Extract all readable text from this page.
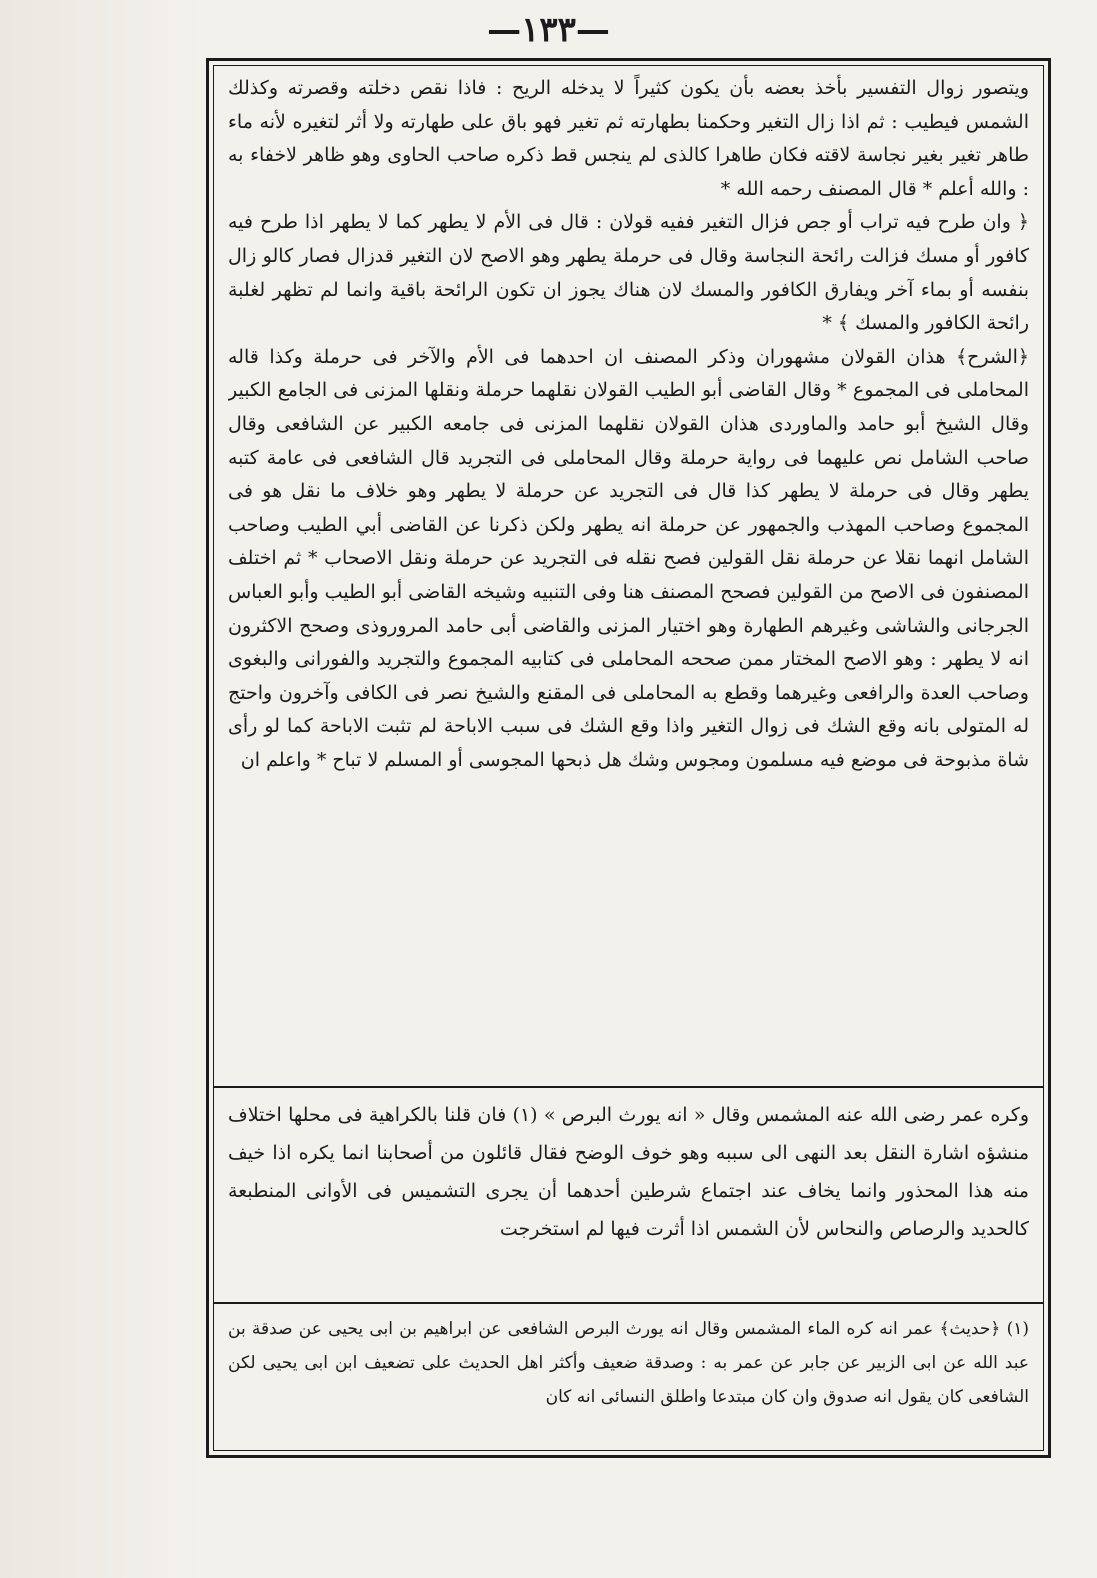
—١٣٣—

ويتصور زوال التفسير بأخذ بعضه بأن يكون كثيراً لا يدخله الريح : فاذا نقص دخلته وقصرته وكذلك الشمس فيطيب : ثم اذا زال التغير وحكمنا بطهارته ثم تغير فهو باق على طهارته ولا أثر لتغيره لأنه ماء طاهر تغير بغير نجاسة لاقته فكان طاهرا كالذى لم ينجس قط ذكره صاحب الحاوى وهو ظاهر لاخفاء به : والله أعلم * قال المصنف رحمه الله *

﴿ وان طرح فيه تراب أو جص فزال التغير ففيه قولان : قال فى الأم لا يطهر كما لا يطهر اذا طرح فيه كافور أو مسك فزالت رائحة النجاسة وقال فى حرملة يطهر وهو الاصح لان التغير قدزال فصار كالو زال بنفسه أو بماء آخر ويفارق الكافور والمسك لان هناك يجوز ان تكون الرائحة باقية وانما لم تظهر لغلبة رائحة الكافور والمسك ﴾ *

﴿الشرح﴾ هذان القولان مشهوران وذكر المصنف ان احدهما فى الأم والآخر فى حرملة وكذا قاله المحاملى فى المجموع * وقال القاضى أبو الطيب القولان نقلهما حرملة ونقلها المزنى فى الجامع الكبير وقال الشيخ أبو حامد والماوردى هذان القولان نقلهما المزنى فى جامعه الكبير عن الشافعى وقال صاحب الشامل نص عليهما فى رواية حرملة وقال المحاملى فى التجريد قال الشافعى فى عامة كتبه يطهر وقال فى حرملة لا يطهر كذا قال فى التجريد عن حرملة لا يطهر وهو خلاف ما نقل هو فى المجموع وصاحب المهذب والجمهور عن حرملة انه يطهر ولكن ذكرنا عن القاضى أبي الطيب وصاحب الشامل انهما نقلا عن حرملة نقل القولين فصح نقله فى التجريد عن حرملة ونقل الاصحاب * ثم اختلف المصنفون فى الاصح من القولين فصحح المصنف هنا وفى التنبيه وشيخه القاضى أبو الطيب وأبو العباس الجرجانى والشاشى وغيرهم الطهارة وهو اختيار المزنى والقاضى أبى حامد المروروذى وصحح الاكثرون انه لا يطهر : وهو الاصح المختار ممن صححه المحاملى فى كتابيه المجموع والتجريد والفورانى والبغوى وصاحب العدة والرافعى وغيرهما وقطع به المحاملى فى المقنع والشيخ نصر فى الكافى وآخرون واحتج له المتولى بانه وقع الشك فى زوال التغير واذا وقع الشك فى سبب الاباحة لم تثبت الاباحة كما لو رأى شاة مذبوحة فى موضع فيه مسلمون ومجوس وشك هل ذبحها المجوسى أو المسلم لا تباح * واعلم ان

وكره عمر رضى الله عنه المشمس وقال « انه يورث البرص » (١) فان قلنا بالكراهية فى محلها اختلاف منشؤه اشارة النقل بعد النهى الى سببه وهو خوف الوضح فقال قائلون من أصحابنا انما يكره اذا خيف منه هذا المحذور وانما يخاف عند اجتماع شرطين أحدهما أن يجرى التشميس فى الأوانى المنطبعة كالحديد والرصاص والنحاس لأن الشمس اذا أثرت فيها لم استخرجت

(١) ﴿حديث﴾ عمر انه كره الماء المشمس وقال انه يورث البرص الشافعى عن ابراهيم بن ابى يحيى عن صدقة بن عبد الله عن ابى الزبير عن جابر عن عمر به : وصدقة ضعيف وأكثر اهل الحديث على تضعيف ابن ابى يحيى لكن الشافعى كان يقول انه صدوق وان كان مبتدعا واطلق النسائى انه كان
